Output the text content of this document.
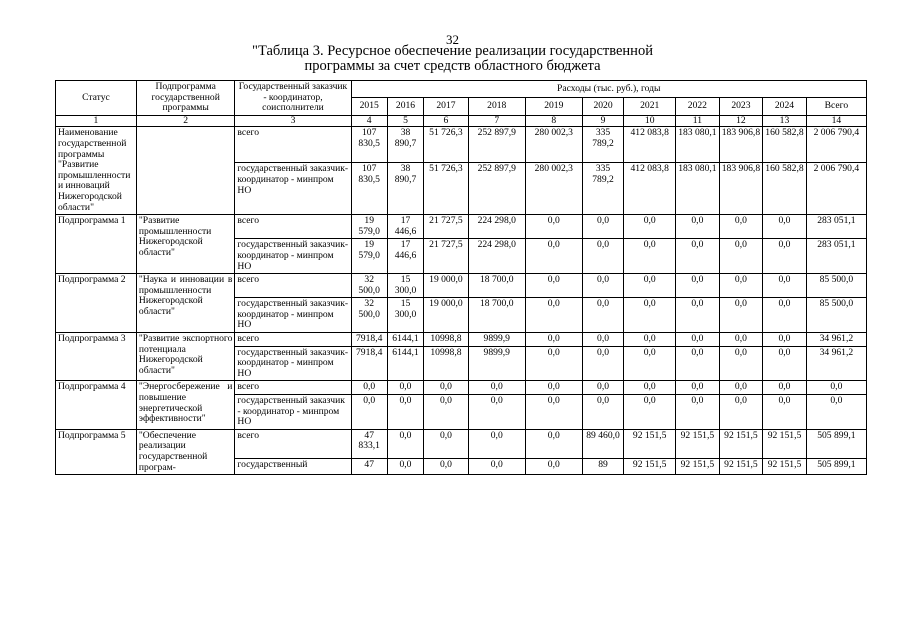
32
"Таблица 3. Ресурсное обеспечение реализации государственной
программы за счет средств областного бюджета
Статус	Подпрограмма государственной программы	Государственный заказчик - координатор, соисполнители	Расходы (тыс. руб.), годы										
			2015	2016	2017	2018	2019	2020	2021	2022	2023	2024	Всего
1	2	3	4	5	6	7	8	9	10	11	12	13	14
Наименование государственной программы "Развитие промышленности и инноваций Нижегородской области"		всего	107 830,5	38 890,7	51 726,3	252 897,9	280 002,3	335 789,2	412 083,8	183 080,1	183 906,8	160 582,8	2 006 790,4
		государственный заказчик-координатор - минпром НО	107 830,5	38 890,7	51 726,3	252 897,9	280 002,3	335 789,2	412 083,8	183 080,1	183 906,8	160 582,8	2 006 790,4
Подпрограмма 1	"Развитие промышленности Нижегородской области"	всего	19 579,0	17 446,6	21 727,5	224 298,0	0,0	0,0	0,0	0,0	0,0	0,0	283 051,1
		государственный заказчик-координатор - минпром НО	19 579,0	17 446,6	21 727,5	224 298,0	0,0	0,0	0,0	0,0	0,0	0,0	283 051,1
Подпрограмма 2	"Наука и инновации в промышленности Нижегородской области"	всего	32 500,0	15 300,0	19 000,0	18 700,0	0,0	0,0	0,0	0,0	0,0	0,0	85 500,0
		государственный заказчик-координатор - минпром НО	32 500,0	15 300,0	19 000,0	18 700,0	0,0	0,0	0,0	0,0	0,0	0,0	85 500,0
Подпрограмма 3	"Развитие экспортного потенциала Нижегородской области"	всего	7918,4	6144,1	10998,8	9899,9	0,0	0,0	0,0	0,0	0,0	0,0	34 961,2
		государственный заказчик-координатор - минпром НО	7918,4	6144,1	10998,8	9899,9	0,0	0,0	0,0	0,0	0,0	0,0	34 961,2
Подпрограмма 4	"Энергосбережение и повышение энергетической эффективности"	всего	0,0	0,0	0,0	0,0	0,0	0,0	0,0	0,0	0,0	0,0	0,0
		государственный заказчик - координатор - минпром НО	0,0	0,0	0,0	0,0	0,0	0,0	0,0	0,0	0,0	0,0	0,0
Подпрограмма 5	"Обеспечение реализации государственной програм-	всего	47 833,1	0,0	0,0	0,0	0,0	89 460,0	92 151,5	92 151,5	92 151,5	92 151,5	505 899,1
		государственный	47	0,0	0,0	0,0	0,0	89	92 151,5	92 151,5	92 151,5	92 151,5	505 899,1
